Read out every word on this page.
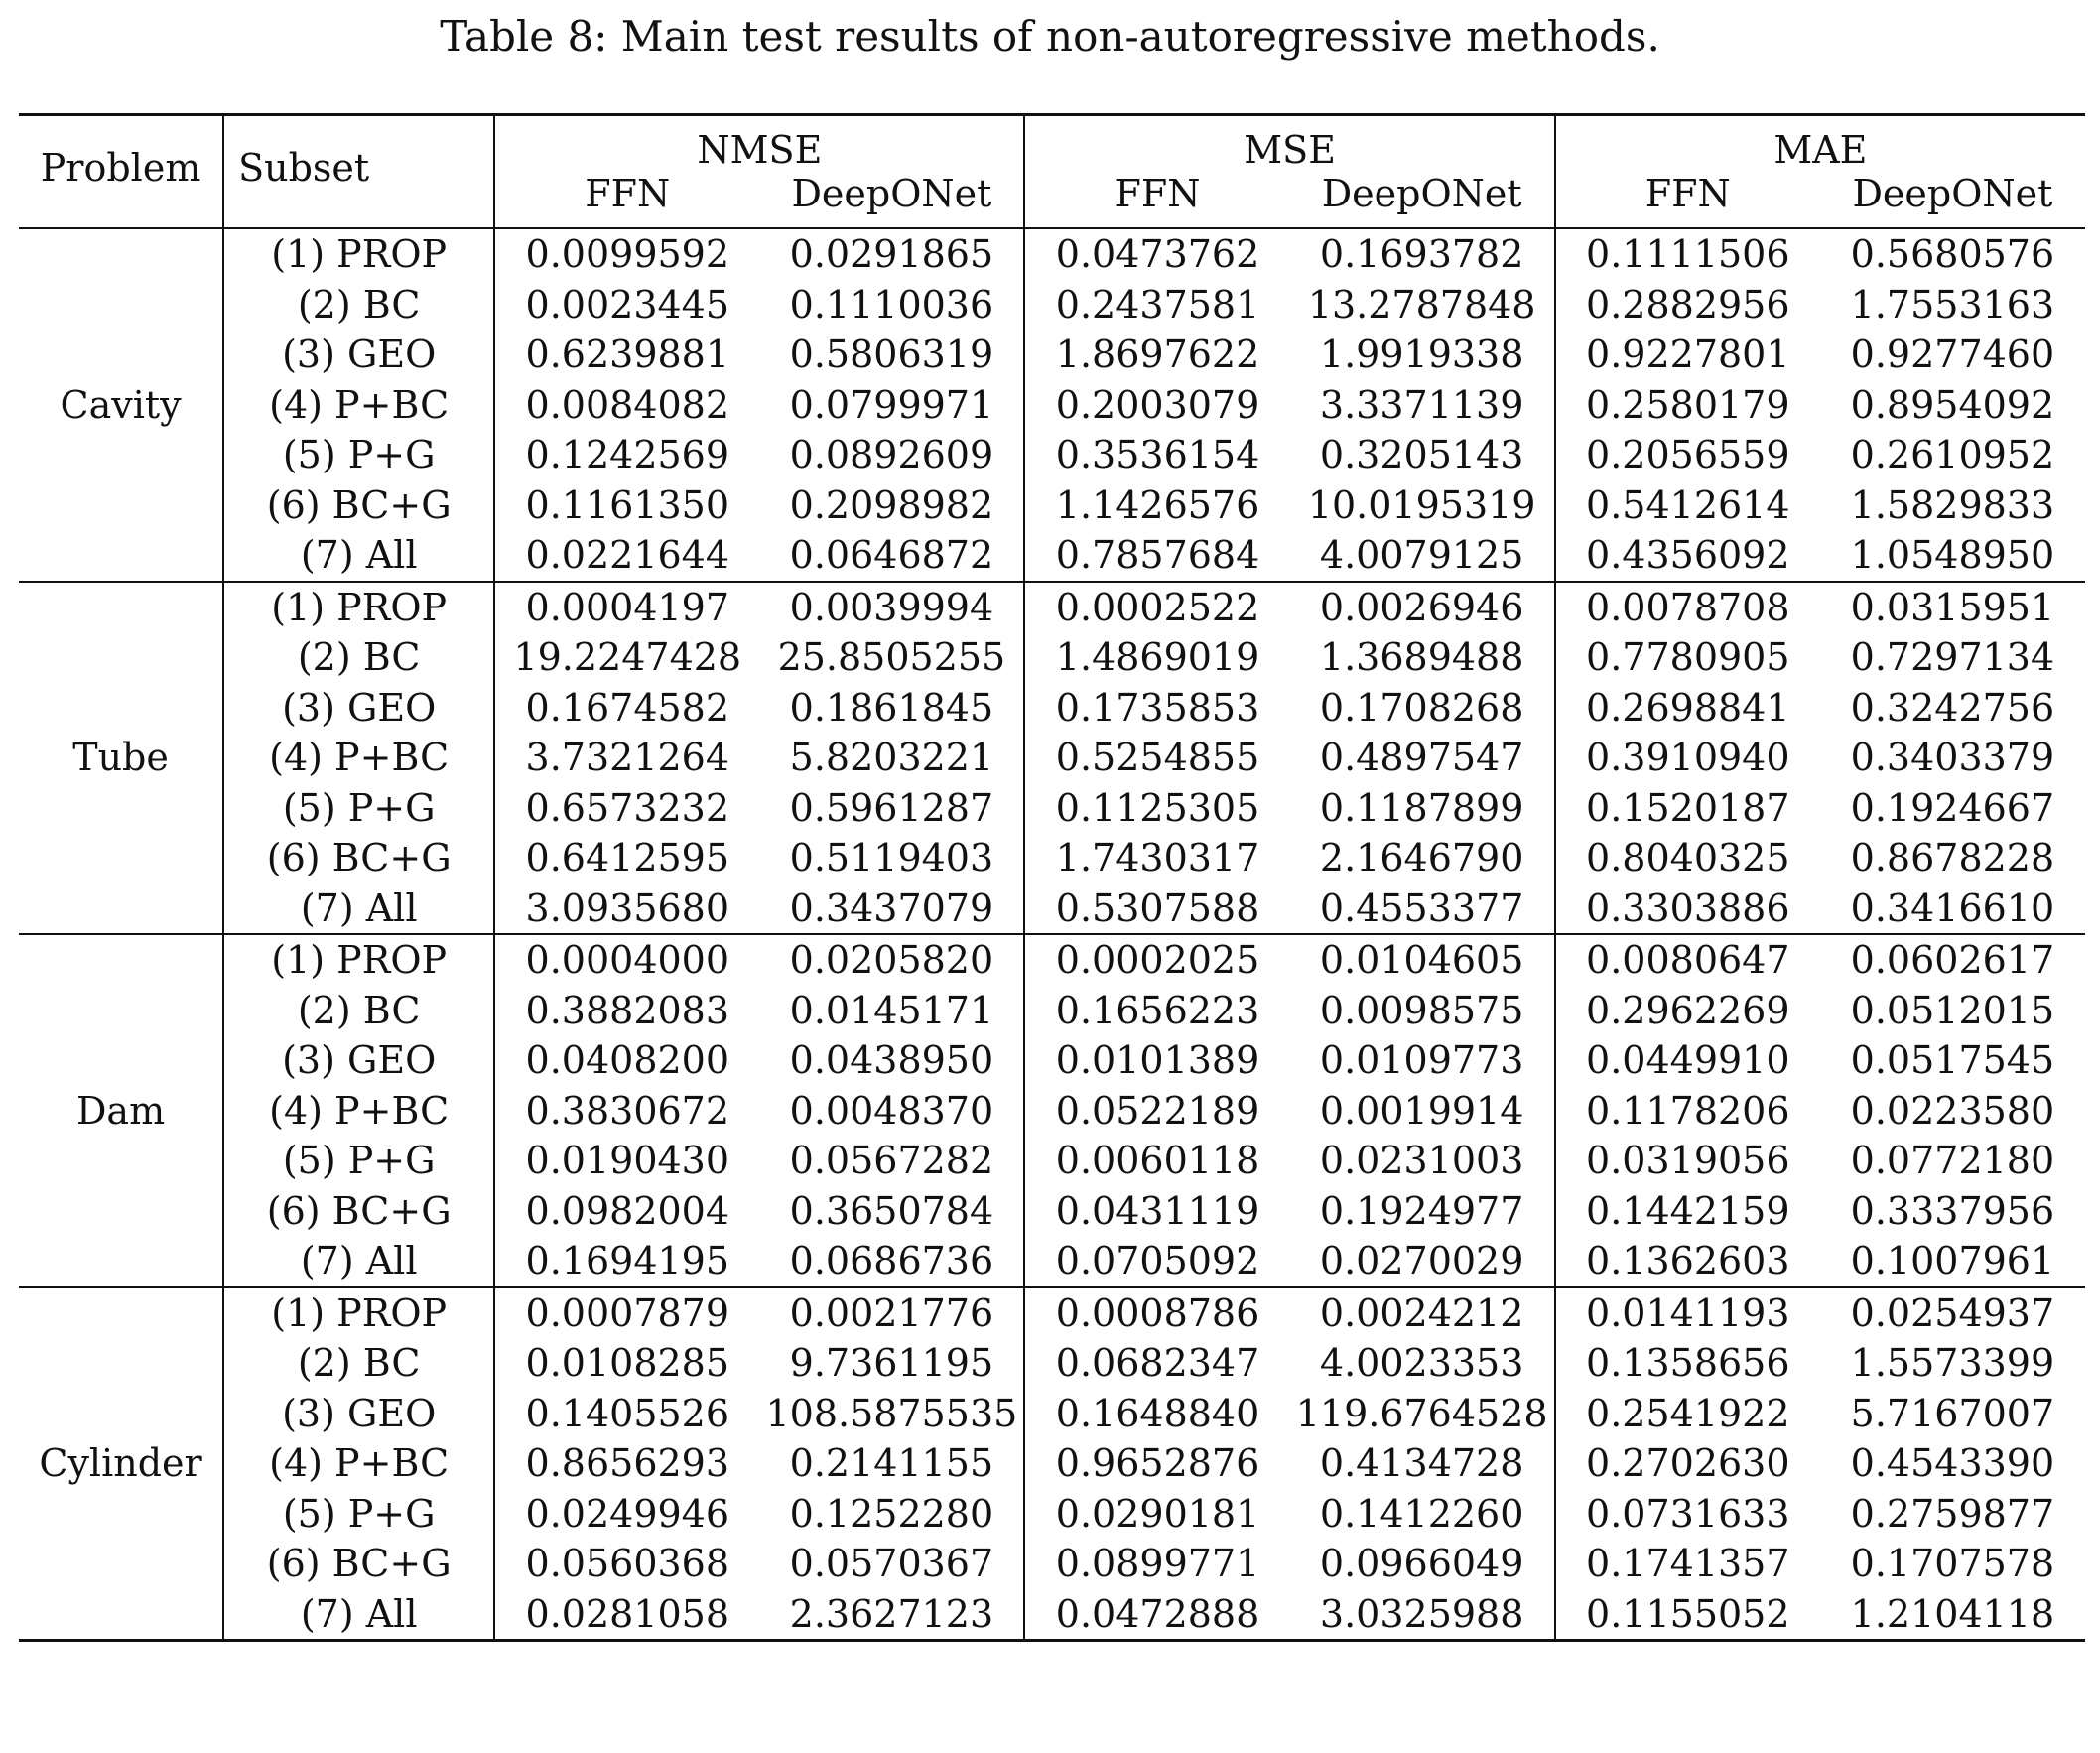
Table 8: Main test results of non-autoregressive methods.
Problem	Subset	NMSE		MSE		MAE	
		FFN	DeepONet	FFN	DeepONet	FFN	DeepONet
Cavity	(1) PROP	0.0099592	0.0291865	0.0473762	0.1693782	0.1111506	0.5680576
	(2) BC	0.0023445	0.1110036	0.2437581	13.2787848	0.2882956	1.7553163
	(3) GEO	0.6239881	0.5806319	1.8697622	1.9919338	0.9227801	0.9277460
	(4) P+BC	0.0084082	0.0799971	0.2003079	3.3371139	0.2580179	0.8954092
	(5) P+G	0.1242569	0.0892609	0.3536154	0.3205143	0.2056559	0.2610952
	(6) BC+G	0.1161350	0.2098982	1.1426576	10.0195319	0.5412614	1.5829833
	(7) All	0.0221644	0.0646872	0.7857684	4.0079125	0.4356092	1.0548950
Tube	(1) PROP	0.0004197	0.0039994	0.0002522	0.0026946	0.0078708	0.0315951
	(2) BC	19.2247428	25.8505255	1.4869019	1.3689488	0.7780905	0.7297134
	(3) GEO	0.1674582	0.1861845	0.1735853	0.1708268	0.2698841	0.3242756
	(4) P+BC	3.7321264	5.8203221	0.5254855	0.4897547	0.3910940	0.3403379
	(5) P+G	0.6573232	0.5961287	0.1125305	0.1187899	0.1520187	0.1924667
	(6) BC+G	0.6412595	0.5119403	1.7430317	2.1646790	0.8040325	0.8678228
	(7) All	3.0935680	0.3437079	0.5307588	0.4553377	0.3303886	0.3416610
Dam	(1) PROP	0.0004000	0.0205820	0.0002025	0.0104605	0.0080647	0.0602617
	(2) BC	0.3882083	0.0145171	0.1656223	0.0098575	0.2962269	0.0512015
	(3) GEO	0.0408200	0.0438950	0.0101389	0.0109773	0.0449910	0.0517545
	(4) P+BC	0.3830672	0.0048370	0.0522189	0.0019914	0.1178206	0.0223580
	(5) P+G	0.0190430	0.0567282	0.0060118	0.0231003	0.0319056	0.0772180
	(6) BC+G	0.0982004	0.3650784	0.0431119	0.1924977	0.1442159	0.3337956
	(7) All	0.1694195	0.0686736	0.0705092	0.0270029	0.1362603	0.1007961
Cylinder	(1) PROP	0.0007879	0.0021776	0.0008786	0.0024212	0.0141193	0.0254937
	(2) BC	0.0108285	9.7361195	0.0682347	4.0023353	0.1358656	1.5573399
	(3) GEO	0.1405526	108.5875535	0.1648840	119.6764528	0.2541922	5.7167007
	(4) P+BC	0.8656293	0.2141155	0.9652876	0.4134728	0.2702630	0.4543390
	(5) P+G	0.0249946	0.1252280	0.0290181	0.1412260	0.0731633	0.2759877
	(6) BC+G	0.0560368	0.0570367	0.0899771	0.0966049	0.1741357	0.1707578
	(7) All	0.0281058	2.3627123	0.0472888	3.0325988	0.1155052	1.2104118
